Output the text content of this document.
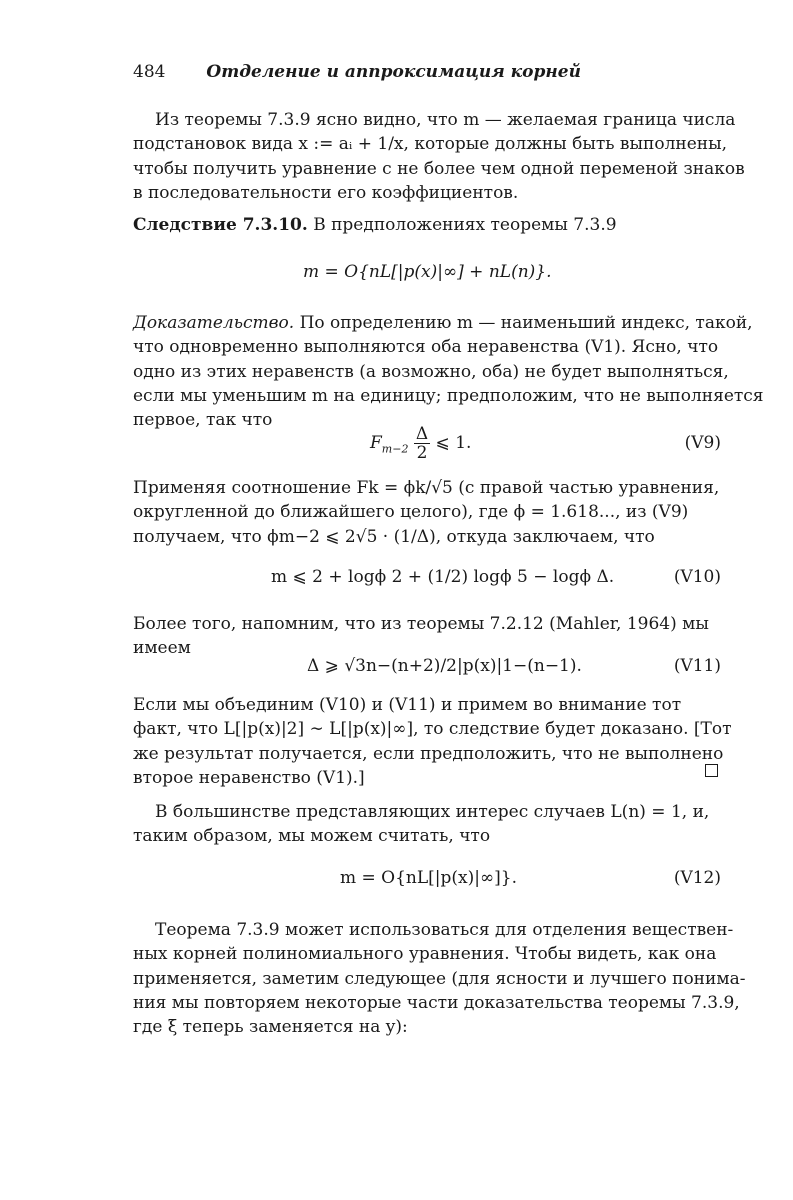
484 Отделение и аппроксимация корней
Из теоремы 7.3.9 ясно видно, что m — желаемая граница числа
подстановок вида x := aᵢ + 1/x, которые должны быть выполнены,
чтобы получить уравнение с не более чем одной переменой знаков
в последовательности его коэффициентов.
Следствие 7.3.10. В предположениях теоремы 7.3.9
m = O{nL[|p(x)|∞] + nL(n)}.
Доказательство. По определению m — наименьший индекс, такой,
что одновременно выполняются оба неравенства (V1). Ясно, что
одно из этих неравенств (а возможно, оба) не будет выполняться,
если мы уменьшим m на единицу; предположим, что не выполняется
первое, так что
$F_{m-2} \frac{\Delta}{2}$ ⩽ 1.	(V9)
Применяя соотношение Fk = ϕk/√5 (с правой частью уравнения,
округленной до ближайшего целого), где ϕ = 1.618..., из (V9)
получаем, что ϕm−2 ⩽ 2√5 · (1/Δ), откуда заключаем, что
m ⩽ 2 + logϕ 2 + (1/2) logϕ 5 − logϕ Δ.	(V10)
Более того, напомним, что из теоремы 7.2.12 (Mahler, 1964) мы
имеем
Δ ⩾ √3n−(n+2)/2|p(x)|1−(n−1).	(V11)
Если мы объединим (V10) и (V11) и примем во внимание тот
факт, что L[|p(x)|2] ∼ L[|p(x)|∞], то следствие будет доказано. [Тот
же результат получается, если предположить, что не выполнено
второе неравенство (V1).]
В большинстве представляющих интерес случаев L(n) = 1, и,
таким образом, мы можем считать, что
m = O{nL[|p(x)|∞]}.	(V12)
Теорема 7.3.9 может использоваться для отделения веществен-
ных корней полиномиального уравнения. Чтобы видеть, как она
применяется, заметим следующее (для ясности и лучшего понима-
ния мы повторяем некоторые части доказательства теоремы 7.3.9,
где ξ теперь заменяется на y):
